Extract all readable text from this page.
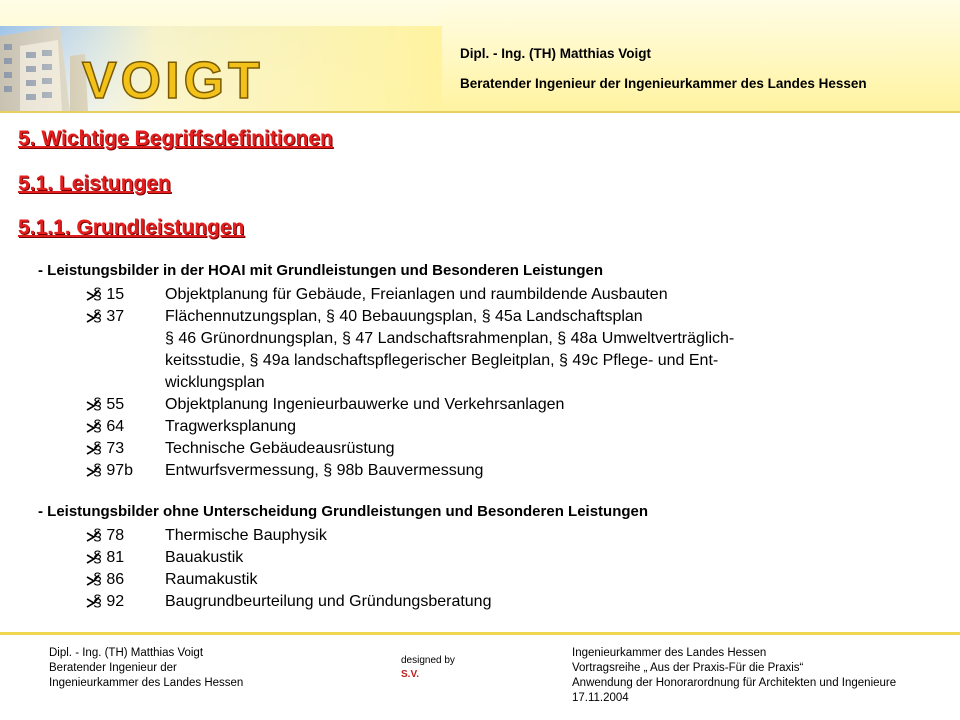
VOIGT	Dipl. - Ing. (TH) Matthias Voigt
Beratender Ingenieur der Ingenieurkammer des Landes Hessen
5. Wichtige Begriffsdefinitionen
5.1. Leistungen
5.1.1. Grundleistungen
- Leistungsbilder in der HOAI mit Grundleistungen und Besonderen Leistungen
§ 15	Objektplanung für Gebäude, Freianlagen und raumbildende Ausbauten
§ 37	Flächennutzungsplan, § 40 Bebauungsplan, § 45a Landschaftsplan
§ 46 Grünordnungsplan, § 47 Landschaftsrahmenplan, § 48a Umweltverträglich-
keitsstudie, § 49a landschaftspflegerischer Begleitplan, § 49c Pflege- und Ent-
wicklungsplan
§ 55	Objektplanung Ingenieurbauwerke und Verkehrsanlagen
§ 64	Tragwerksplanung
§ 73	Technische Gebäudeausrüstung
§ 97b Entwurfsvermessung, § 98b Bauvermessung
- Leistungsbilder ohne Unterscheidung Grundleistungen und Besonderen Leistungen
§ 78	Thermische Bauphysik
§ 81	Bauakustik
§ 86	Raumakustik
§ 92	Baugrundbeurteilung und Gründungsberatung
Dipl. - Ing. (TH) Matthias Voigt
Beratender Ingenieur der
Ingenieurkammer des Landes Hessen
designed by
S.V.
Ingenieurkammer des Landes Hessen
Vortragsreihe „ Aus der Praxis-Für die Praxis“
Anwendung der Honorarordnung für Architekten und Ingenieure
17.11.2004
